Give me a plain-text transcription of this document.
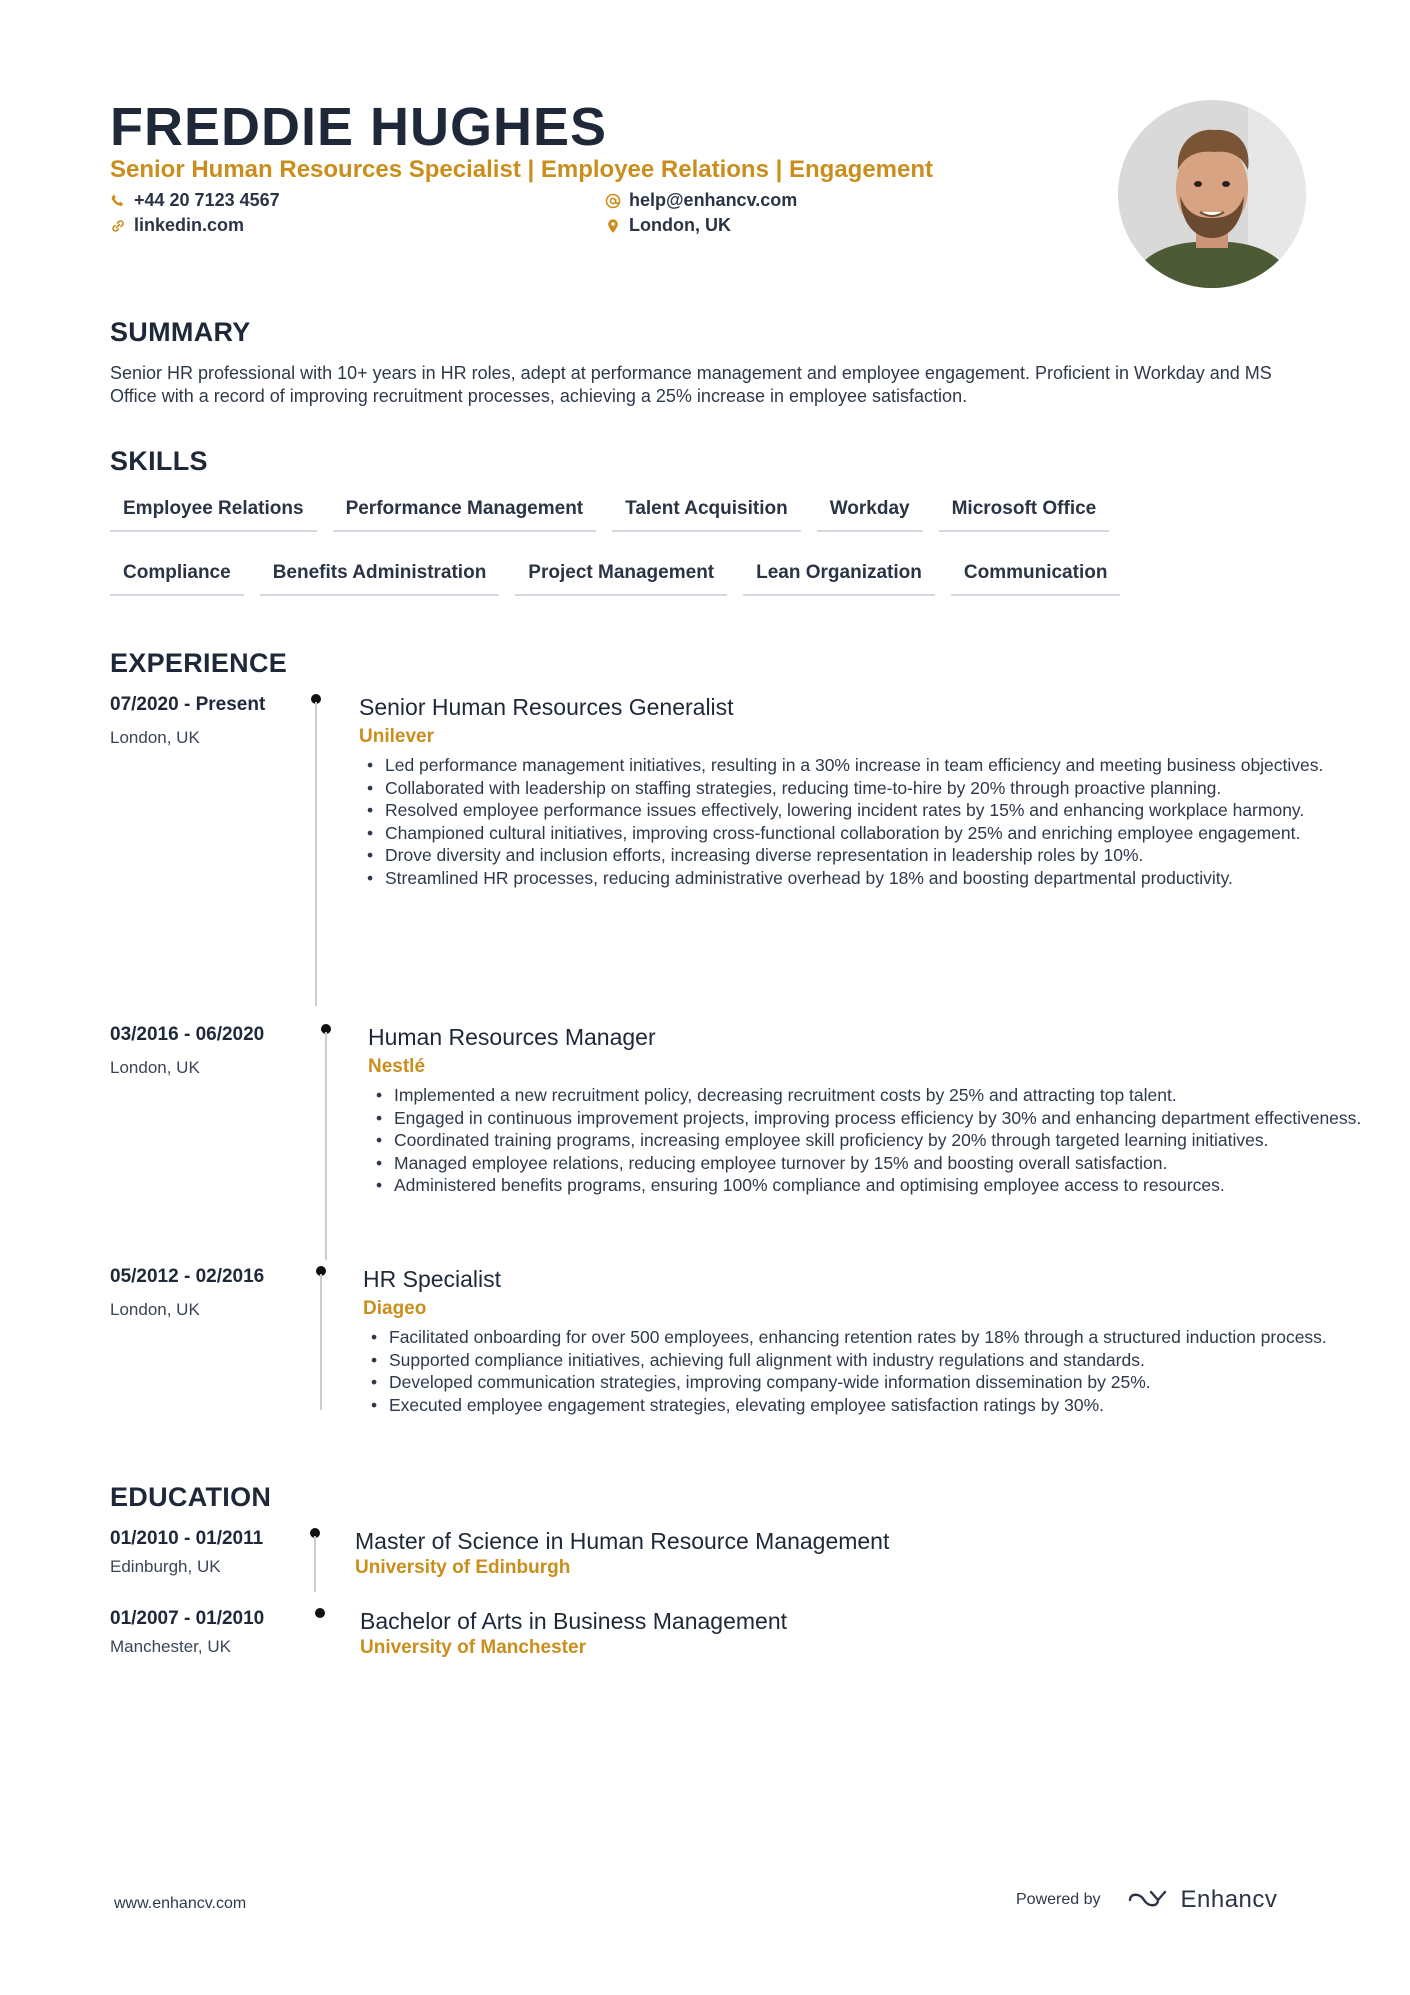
FREDDIE HUGHES

Senior Human Resources Specialist | Employee Relations | Engagement

+44 20 7123 4567	help@enhancv.com
linkedin.com	London, UK
SUMMARY

Senior HR professional with 10+ years in HR roles, adept at performance management and employee engagement. Proficient in Workday and MS Office with a record of improving recruitment processes, achieving a 25% increase in employee satisfaction.

SKILLS
Employee Relations	Performance Management	Talent Acquisition	Workday	Microsoft Office
Compliance	Benefits Administration	Project Management	Lean Organization	Communication
EXPERIENCE
07/2020 - Present
London, UK
Senior Human Resources Generalist
Unilever
• Led performance management initiatives, resulting in a 30% increase in team efficiency and meeting business objectives.
• Collaborated with leadership on staffing strategies, reducing time-to-hire by 20% through proactive planning.
• Resolved employee performance issues effectively, lowering incident rates by 15% and enhancing workplace harmony.
• Championed cultural initiatives, improving cross-functional collaboration by 25% and enriching employee engagement.
• Drove diversity and inclusion efforts, increasing diverse representation in leadership roles by 10%.
• Streamlined HR processes, reducing administrative overhead by 18% and boosting departmental productivity.
03/2016 - 06/2020
London, UK
Human Resources Manager
Nestlé
• Implemented a new recruitment policy, decreasing recruitment costs by 25% and attracting top talent.
• Engaged in continuous improvement projects, improving process efficiency by 30% and enhancing department effectiveness.
• Coordinated training programs, increasing employee skill proficiency by 20% through targeted learning initiatives.
• Managed employee relations, reducing employee turnover by 15% and boosting overall satisfaction.
• Administered benefits programs, ensuring 100% compliance and optimising employee access to resources.
05/2012 - 02/2016
London, UK
HR Specialist
Diageo
• Facilitated onboarding for over 500 employees, enhancing retention rates by 18% through a structured induction process.
• Supported compliance initiatives, achieving full alignment with industry regulations and standards.
• Developed communication strategies, improving company-wide information dissemination by 25%.
• Executed employee engagement strategies, elevating employee satisfaction ratings by 30%.
EDUCATION
01/2010 - 01/2011
Edinburgh, UK
Master of Science in Human Resource Management
University of Edinburgh
01/2007 - 01/2010
Manchester, UK
Bachelor of Arts in Business Management
University of Manchester
www.enhancv.com	Powered by	Enhancv
